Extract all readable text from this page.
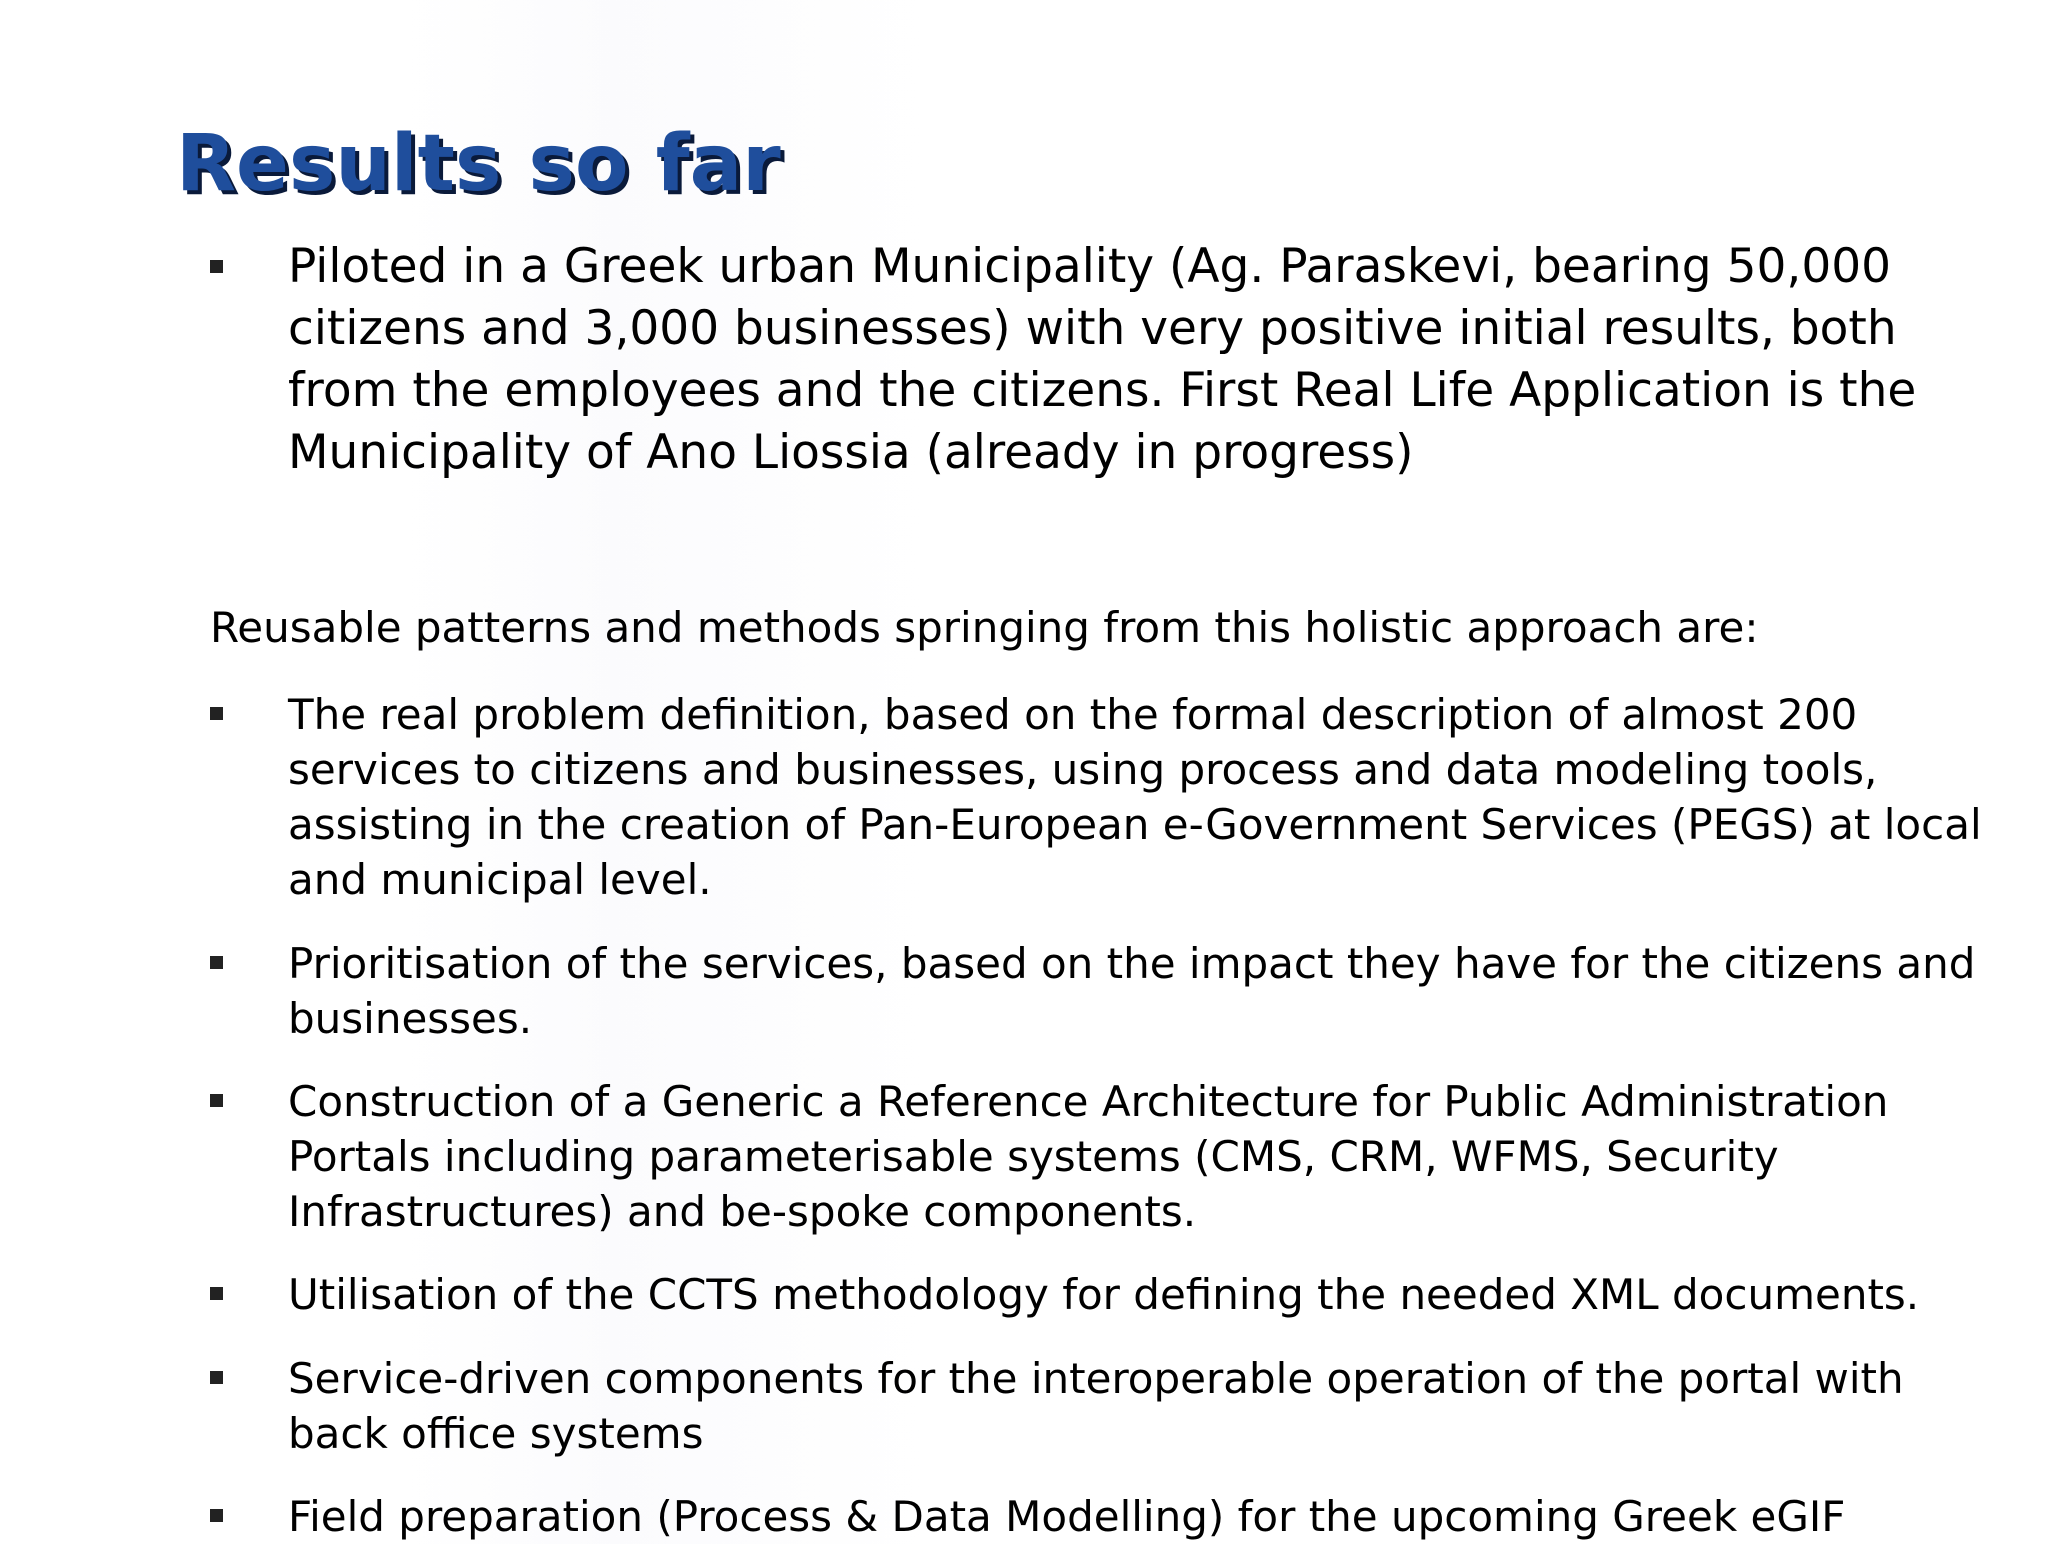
Results so far

Piloted in a Greek urban Municipality (Ag. Paraskevi, bearing 50,000
citizens and 3,000 businesses) with very positive initial results, both
from the employees and the citizens. First Real Life Application is the
Municipality of Ano Liossia (already in progress)

Reusable patterns and methods springing from this holistic approach are:

The real problem definition, based on the formal description of almost 200
services to citizens and businesses, using process and data modeling tools,
assisting in the creation of Pan-European e-Government Services (PEGS) at local
and municipal level.

Prioritisation of the services, based on the impact they have for the citizens and
businesses.

Construction of a Generic a Reference Architecture for Public Administration
Portals including parameterisable systems (CMS, CRM, WFMS, Security
Infrastructures) and be-spoke components.

Utilisation of the CCTS methodology for defining the needed XML documents.

Service-driven components for the interoperable operation of the portal with
back office systems

Field preparation (Process & Data Modelling) for the upcoming Greek eGIF
